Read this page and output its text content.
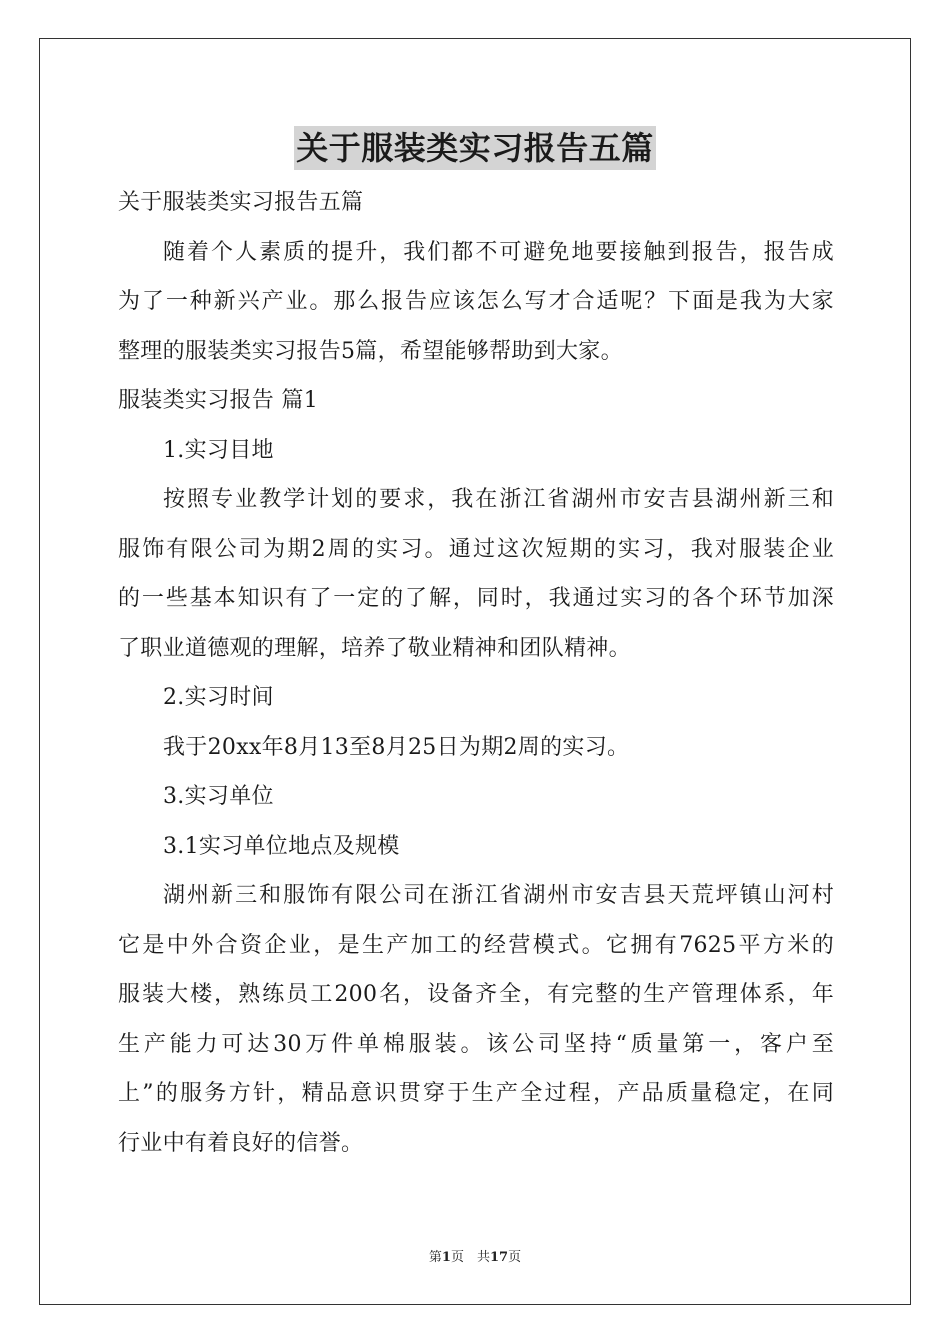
关于服装类实习报告五篇

关于服装类实习报告五篇

随着个人素质的提升，我们都不可避免地要接触到报告，报告成

为了一种新兴产业。那么报告应该怎么写才合适呢？下面是我为大家

整理的服装类实习报告5篇，希望能够帮助到大家。

服装类实习报告 篇1

1.实习目地

按照专业教学计划的要求，我在浙江省湖州市安吉县湖州新三和

服饰有限公司为期2周的实习。通过这次短期的实习，我对服装企业

的一些基本知识有了一定的了解，同时，我通过实习的各个环节加深

了职业道德观的理解，培养了敬业精神和团队精神。

2.实习时间

我于20xx年8月13至8月25日为期2周的实习。

3.实习单位

3.1实习单位地点及规模

湖州新三和服饰有限公司在浙江省湖州市安吉县天荒坪镇山河村

它是中外合资企业，是生产加工的经营模式。它拥有7625平方米的

服装大楼，熟练员工200名，设备齐全，有完整的生产管理体系，年

生产能力可达30万件单棉服装。该公司坚持“质量第一，客户至

上”的服务方针，精品意识贯穿于生产全过程，产品质量稳定，在同

行业中有着良好的信誉。

第1页　共17页
